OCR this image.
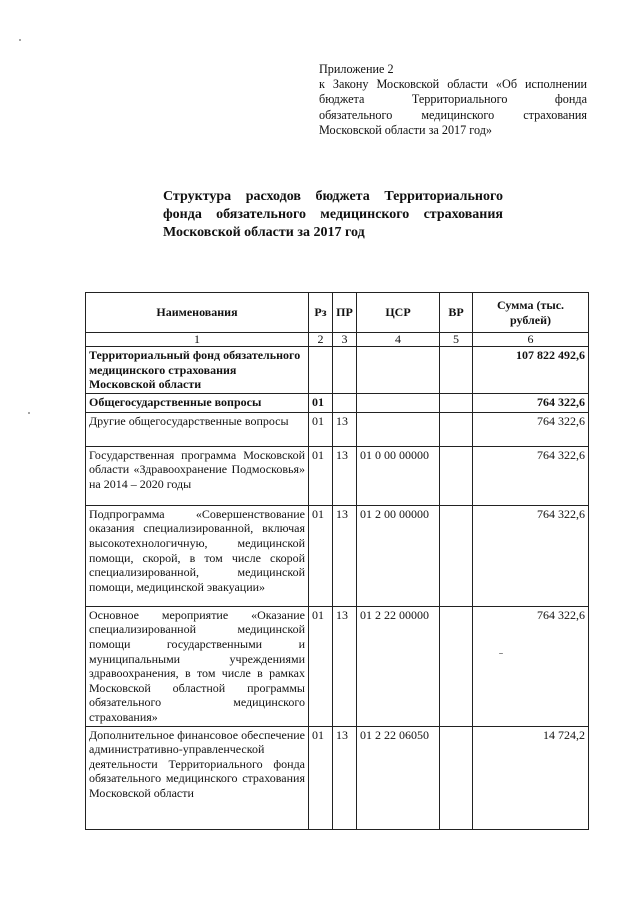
Приложение 2
к Закону Московской области «Об исполнении
бюджета Территориального фонда
обязательного медицинского страхования
Московской области за 2017 год»
Структура расходов бюджета Территориального
фонда обязательного медицинского страхования
Московской области за 2017 год
Наименования	Рз	ПР	ЦСР	ВР	Сумма (тыс. рублей)
1	2	3	4	5	6
Территориальный фонд обязательного медицинского страхования Московской области					107 822 492,6
Общегосударственные вопросы	01				764 322,6
Другие общегосударственные вопросы	01	13			764 322,6
Государственная программа Московской области «Здравоохранение Подмосковья» на 2014 – 2020 годы	01	13	01 0 00 00000		764 322,6
Подпрограмма «Совершенствование оказания специализированной, включая высокотехнологичную, медицинской помощи, скорой, в том числе скорой специализированной, медицинской помощи, медицинской эвакуации»	01	13	01 2 00 00000		764 322,6
Основное мероприятие «Оказание специализированной медицинской помощи государственными и муниципальными учреждениями здравоохранения, в том числе в рамках Московской областной программы обязательного медицинского страхования»	01	13	01 2 22 00000		764 322,6
Дополнительное финансовое обеспечение административно-управленческой деятельности Территориального фонда обязательного медицинского страхования Московской области	01	13	01 2 22 06050		14 724,2
